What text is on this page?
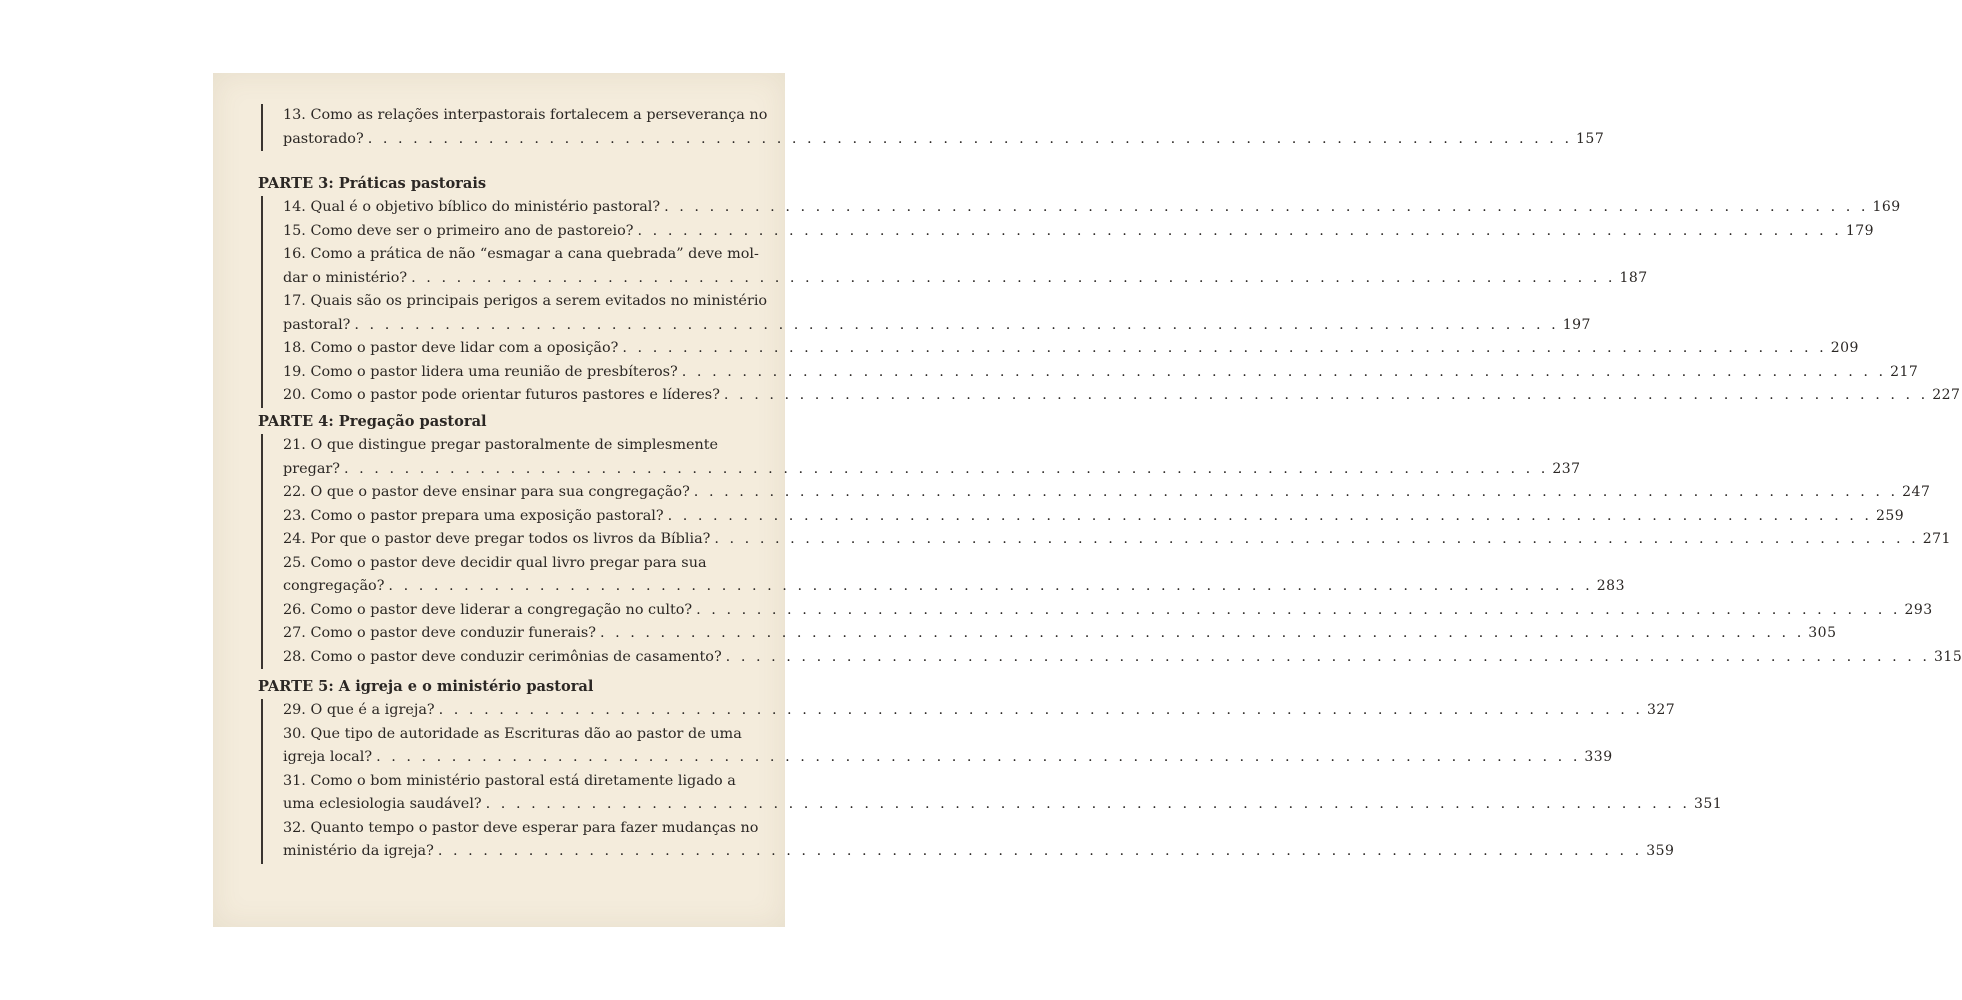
13. Como as relações interpastorais fortalecem a perseverança no
pastorado? . . . . . . . . . . . . . . . . . . . . . . . . . . . . . . . . . . . . . . . . . . . . . . . . . . . . . . . . . . . . . . . . . . . . . . . . . . . . . . . . 157
PARTE 3: Práticas pastorais
14. Qual é o objetivo bíblico do ministério pastoral? . . . . . . . . . . . . . . . . . . . . . . . . . . . . . . . . . . . . . . . . . . . . . . . . . . . . . . . . . . . . . . . . . . . . . . . . . . . . . . . . 169
15. Como deve ser o primeiro ano de pastoreio? . . . . . . . . . . . . . . . . . . . . . . . . . . . . . . . . . . . . . . . . . . . . . . . . . . . . . . . . . . . . . . . . . . . . . . . . . . . . . . . . 179
16. Como a prática de não “esmagar a cana quebrada” deve mol-
dar o ministério? . . . . . . . . . . . . . . . . . . . . . . . . . . . . . . . . . . . . . . . . . . . . . . . . . . . . . . . . . . . . . . . . . . . . . . . . . . . . . . . . 187
17. Quais são os principais perigos a serem evitados no ministério
pastoral? . . . . . . . . . . . . . . . . . . . . . . . . . . . . . . . . . . . . . . . . . . . . . . . . . . . . . . . . . . . . . . . . . . . . . . . . . . . . . . . . 197
18. Como o pastor deve lidar com a oposição? . . . . . . . . . . . . . . . . . . . . . . . . . . . . . . . . . . . . . . . . . . . . . . . . . . . . . . . . . . . . . . . . . . . . . . . . . . . . . . . . 209
19. Como o pastor lidera uma reunião de presbíteros? . . . . . . . . . . . . . . . . . . . . . . . . . . . . . . . . . . . . . . . . . . . . . . . . . . . . . . . . . . . . . . . . . . . . . . . . . . . . . . . . 217
20. Como o pastor pode orientar futuros pastores e líderes? . . . . . . . . . . . . . . . . . . . . . . . . . . . . . . . . . . . . . . . . . . . . . . . . . . . . . . . . . . . . . . . . . . . . . . . . . . . . . . . . 227
PARTE 4: Pregação pastoral
21. O que distingue pregar pastoralmente de simplesmente
pregar? . . . . . . . . . . . . . . . . . . . . . . . . . . . . . . . . . . . . . . . . . . . . . . . . . . . . . . . . . . . . . . . . . . . . . . . . . . . . . . . . 237
22. O que o pastor deve ensinar para sua congregação? . . . . . . . . . . . . . . . . . . . . . . . . . . . . . . . . . . . . . . . . . . . . . . . . . . . . . . . . . . . . . . . . . . . . . . . . . . . . . . . . 247
23. Como o pastor prepara uma exposição pastoral? . . . . . . . . . . . . . . . . . . . . . . . . . . . . . . . . . . . . . . . . . . . . . . . . . . . . . . . . . . . . . . . . . . . . . . . . . . . . . . . . 259
24. Por que o pastor deve pregar todos os livros da Bíblia? . . . . . . . . . . . . . . . . . . . . . . . . . . . . . . . . . . . . . . . . . . . . . . . . . . . . . . . . . . . . . . . . . . . . . . . . . . . . . . . . 271
25. Como o pastor deve decidir qual livro pregar para sua
congregação? . . . . . . . . . . . . . . . . . . . . . . . . . . . . . . . . . . . . . . . . . . . . . . . . . . . . . . . . . . . . . . . . . . . . . . . . . . . . . . . . 283
26. Como o pastor deve liderar a congregação no culto? . . . . . . . . . . . . . . . . . . . . . . . . . . . . . . . . . . . . . . . . . . . . . . . . . . . . . . . . . . . . . . . . . . . . . . . . . . . . . . . . 293
27. Como o pastor deve conduzir funerais? . . . . . . . . . . . . . . . . . . . . . . . . . . . . . . . . . . . . . . . . . . . . . . . . . . . . . . . . . . . . . . . . . . . . . . . . . . . . . . . . 305
28. Como o pastor deve conduzir cerimônias de casamento? . . . . . . . . . . . . . . . . . . . . . . . . . . . . . . . . . . . . . . . . . . . . . . . . . . . . . . . . . . . . . . . . . . . . . . . . . . . . . . . . 315
PARTE 5: A igreja e o ministério pastoral
29. O que é a igreja? . . . . . . . . . . . . . . . . . . . . . . . . . . . . . . . . . . . . . . . . . . . . . . . . . . . . . . . . . . . . . . . . . . . . . . . . . . . . . . . . 327
30. Que tipo de autoridade as Escrituras dão ao pastor de uma
igreja local? . . . . . . . . . . . . . . . . . . . . . . . . . . . . . . . . . . . . . . . . . . . . . . . . . . . . . . . . . . . . . . . . . . . . . . . . . . . . . . . . 339
31. Como o bom ministério pastoral está diretamente ligado a
uma eclesiologia saudável? . . . . . . . . . . . . . . . . . . . . . . . . . . . . . . . . . . . . . . . . . . . . . . . . . . . . . . . . . . . . . . . . . . . . . . . . . . . . . . . . 351
32. Quanto tempo o pastor deve esperar para fazer mudanças no
ministério da igreja? . . . . . . . . . . . . . . . . . . . . . . . . . . . . . . . . . . . . . . . . . . . . . . . . . . . . . . . . . . . . . . . . . . . . . . . . . . . . . . . . 359
